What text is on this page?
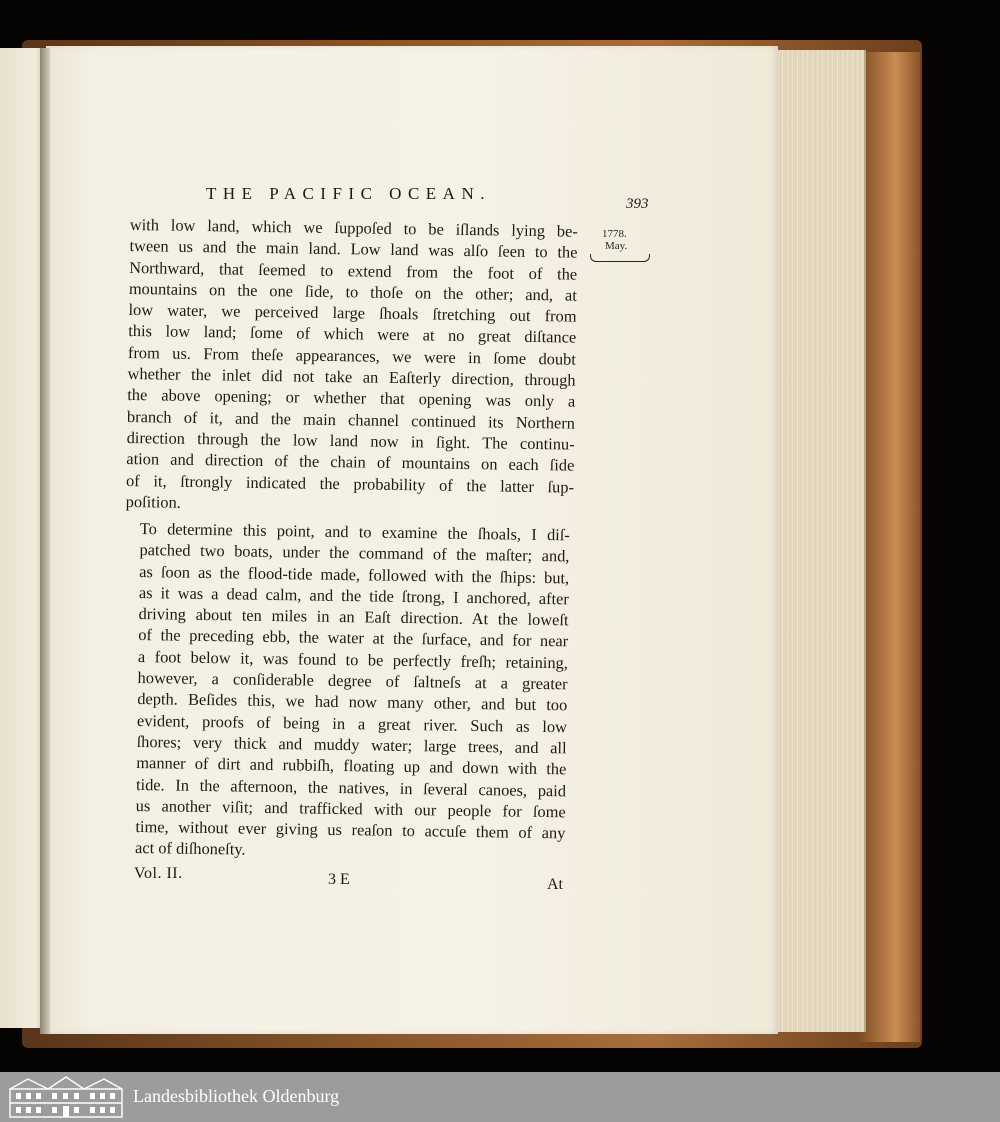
THE PACIFIC OCEAN.
393
1778.
May.
with low land, which we ſuppoſed to be iſlands lying be-
tween us and the main land. Low land was alſo ſeen to the
Northward, that ſeemed to extend from the foot of the
mountains on the one ſide, to thoſe on the other; and, at
low water, we perceived large ſhoals ſtretching out from
this low land; ſome of which were at no great diſtance
from us. From theſe appearances, we were in ſome doubt
whether the inlet did not take an Eaſterly direction, through
the above opening; or whether that opening was only a
branch of it, and the main channel continued its Northern
direction through the low land now in ſight. The continu-
ation and direction of the chain of mountains on each ſide
of it, ſtrongly indicated the probability of the latter ſup-
poſition.
To determine this point, and to examine the ſhoals, I diſ-
patched two boats, under the command of the maſter; and,
as ſoon as the flood-tide made, followed with the ſhips: but,
as it was a dead calm, and the tide ſtrong, I anchored, after
driving about ten miles in an Eaſt direction. At the loweſt
of the preceding ebb, the water at the ſurface, and for near
a foot below it, was found to be perfectly freſh; retaining,
however, a conſiderable degree of ſaltneſs at a greater
depth. Beſides this, we had now many other, and but too
evident, proofs of being in a great river. Such as low
ſhores; very thick and muddy water; large trees, and all
manner of dirt and rubbiſh, floating up and down with the
tide. In the afternoon, the natives, in ſeveral canoes, paid
us another viſit; and trafficked with our people for ſome
time, without ever giving us reaſon to accuſe them of any
act of diſhoneſty.
Vol. II.	3 E	At
Landesbibliothek Oldenburg
